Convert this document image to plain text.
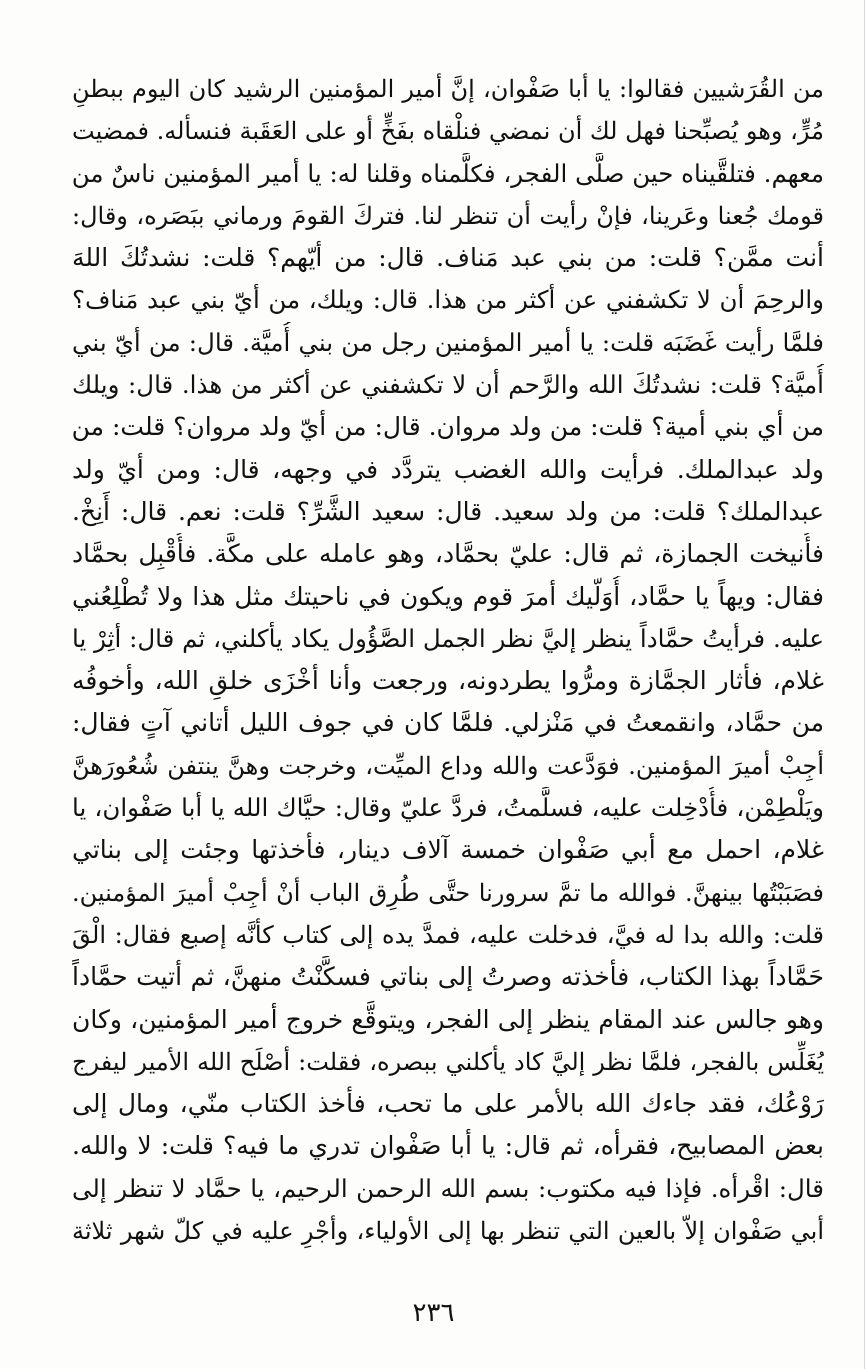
من القُرَشيين فقالوا: يا أبا صَفْوان، إنَّ أمير المؤمنين الرشيد كان اليوم ببطنِ
مُرٍّ، وهو يُصبِّحنا فهل لك أن نمضي فنلْقاه بفَخٍّ أو على العَقَبة فنسأله. فمضيت
معهم. فتلقَّيناه حين صلَّى الفجر، فكلَّمناه وقلنا له: يا أمير المؤمنين ناسٌ من
قومك جُعنا وعَرينا، فإنْ رأيت أن تنظر لنا. فتركَ القومَ ورماني ببَصَره، وقال:
أنت ممَّن؟ قلت: من بني عبد مَناف. قال: من أيّهم؟ قلت: نشدتُكَ اللهَ
والرحِمَ أن لا تكشفني عن أكثر من هذا. قال: ويلك، من أيّ بني عبد مَناف؟
فلمَّا رأيت غَضَبَه قلت: يا أمير المؤمنين رجل من بني أُميَّة. قال: من أيّ بني
أُميَّة؟ قلت: نشدتُكَ الله والرَّحم أن لا تكشفني عن أكثر من هذا. قال: ويلك
من أي بني أمية؟ قلت: من ولد مروان. قال: من أيّ ولد مروان؟ قلت: من
ولد عبدالملك. فرأيت والله الغضب يتردَّد في وجهه، قال: ومن أيّ ولد
عبدالملك؟ قلت: من ولد سعيد. قال: سعيد الشَّرِّ؟ قلت: نعم. قال: أَنِخْ.
فأُنيخت الجمازة، ثم قال: عليّ بحمَّاد، وهو عامله على مكَّة. فأُقْبِل بحمَّاد
فقال: ويهاً يا حمَّاد، أُوَلّيك أمرَ قوم ويكون في ناحيتك مثل هذا ولا تُطْلِعُني
عليه. فرأيتُ حمَّاداً ينظر إليَّ نظر الجمل الصَّؤُول يكاد يأكلني، ثم قال: أثِرْ يا
غلام، فأثار الجمَّازة ومرُّوا يطردونه، ورجعت وأنا أخْزَى خلقِ الله، وأخوفُه
من حمَّاد، وانقمعتُ في مَنْزلي. فلمَّا كان في جوف الليل أتاني آتٍ فقال:
أجِبْ أميرَ المؤمنين. فوَدَّعت والله وداع الميِّت، وخرجت وهنَّ ينتفن شُعُورَهنَّ
ويَلْطِمْن، فأُدْخِلت عليه، فسلَّمتُ، فردَّ عليّ وقال: حيَّاك الله يا أبا صَفْوان، يا
غلام، احمل مع أبي صَفْوان خمسة آلاف دينار، فأخذتها وجئت إلى بناتي
فصَبَبْتُها بينهنَّ. فوالله ما تمَّ سرورنا حتَّى طُرِق الباب أنْ أجِبْ أميرَ المؤمنين.
قلت: والله بدا له فيَّ، فدخلت عليه، فمدَّ يده إلى كتاب كأنَّه إصبع فقال: الْقَ
حَمَّاداً بهذا الكتاب، فأخذته وصرتُ إلى بناتي فسكَّنْتُ منهنَّ، ثم أتيت حمَّاداً
وهو جالس عند المقام ينظر إلى الفجر، ويتوقَّع خروج أمير المؤمنين، وكان
يُغَلِّس بالفجر، فلمَّا نظر إليَّ كاد يأكلني ببصره، فقلت: أصْلَح الله الأمير ليفرج
رَوْعُك، فقد جاءك الله بالأمر على ما تحب، فأخذ الكتاب منّي، ومال إلى
بعض المصابيح، فقرأه، ثم قال: يا أبا صَفْوان تدري ما فيه؟ قلت: لا والله.
قال: اقْرأه. فإذا فيه مكتوب: بسم الله الرحمن الرحيم، يا حمَّاد لا تنظر إلى
أبي صَفْوان إلاّ بالعين التي تنظر بها إلى الأولياء، وأجْرِ عليه في كلّ شهر ثلاثة
٢٣٦
